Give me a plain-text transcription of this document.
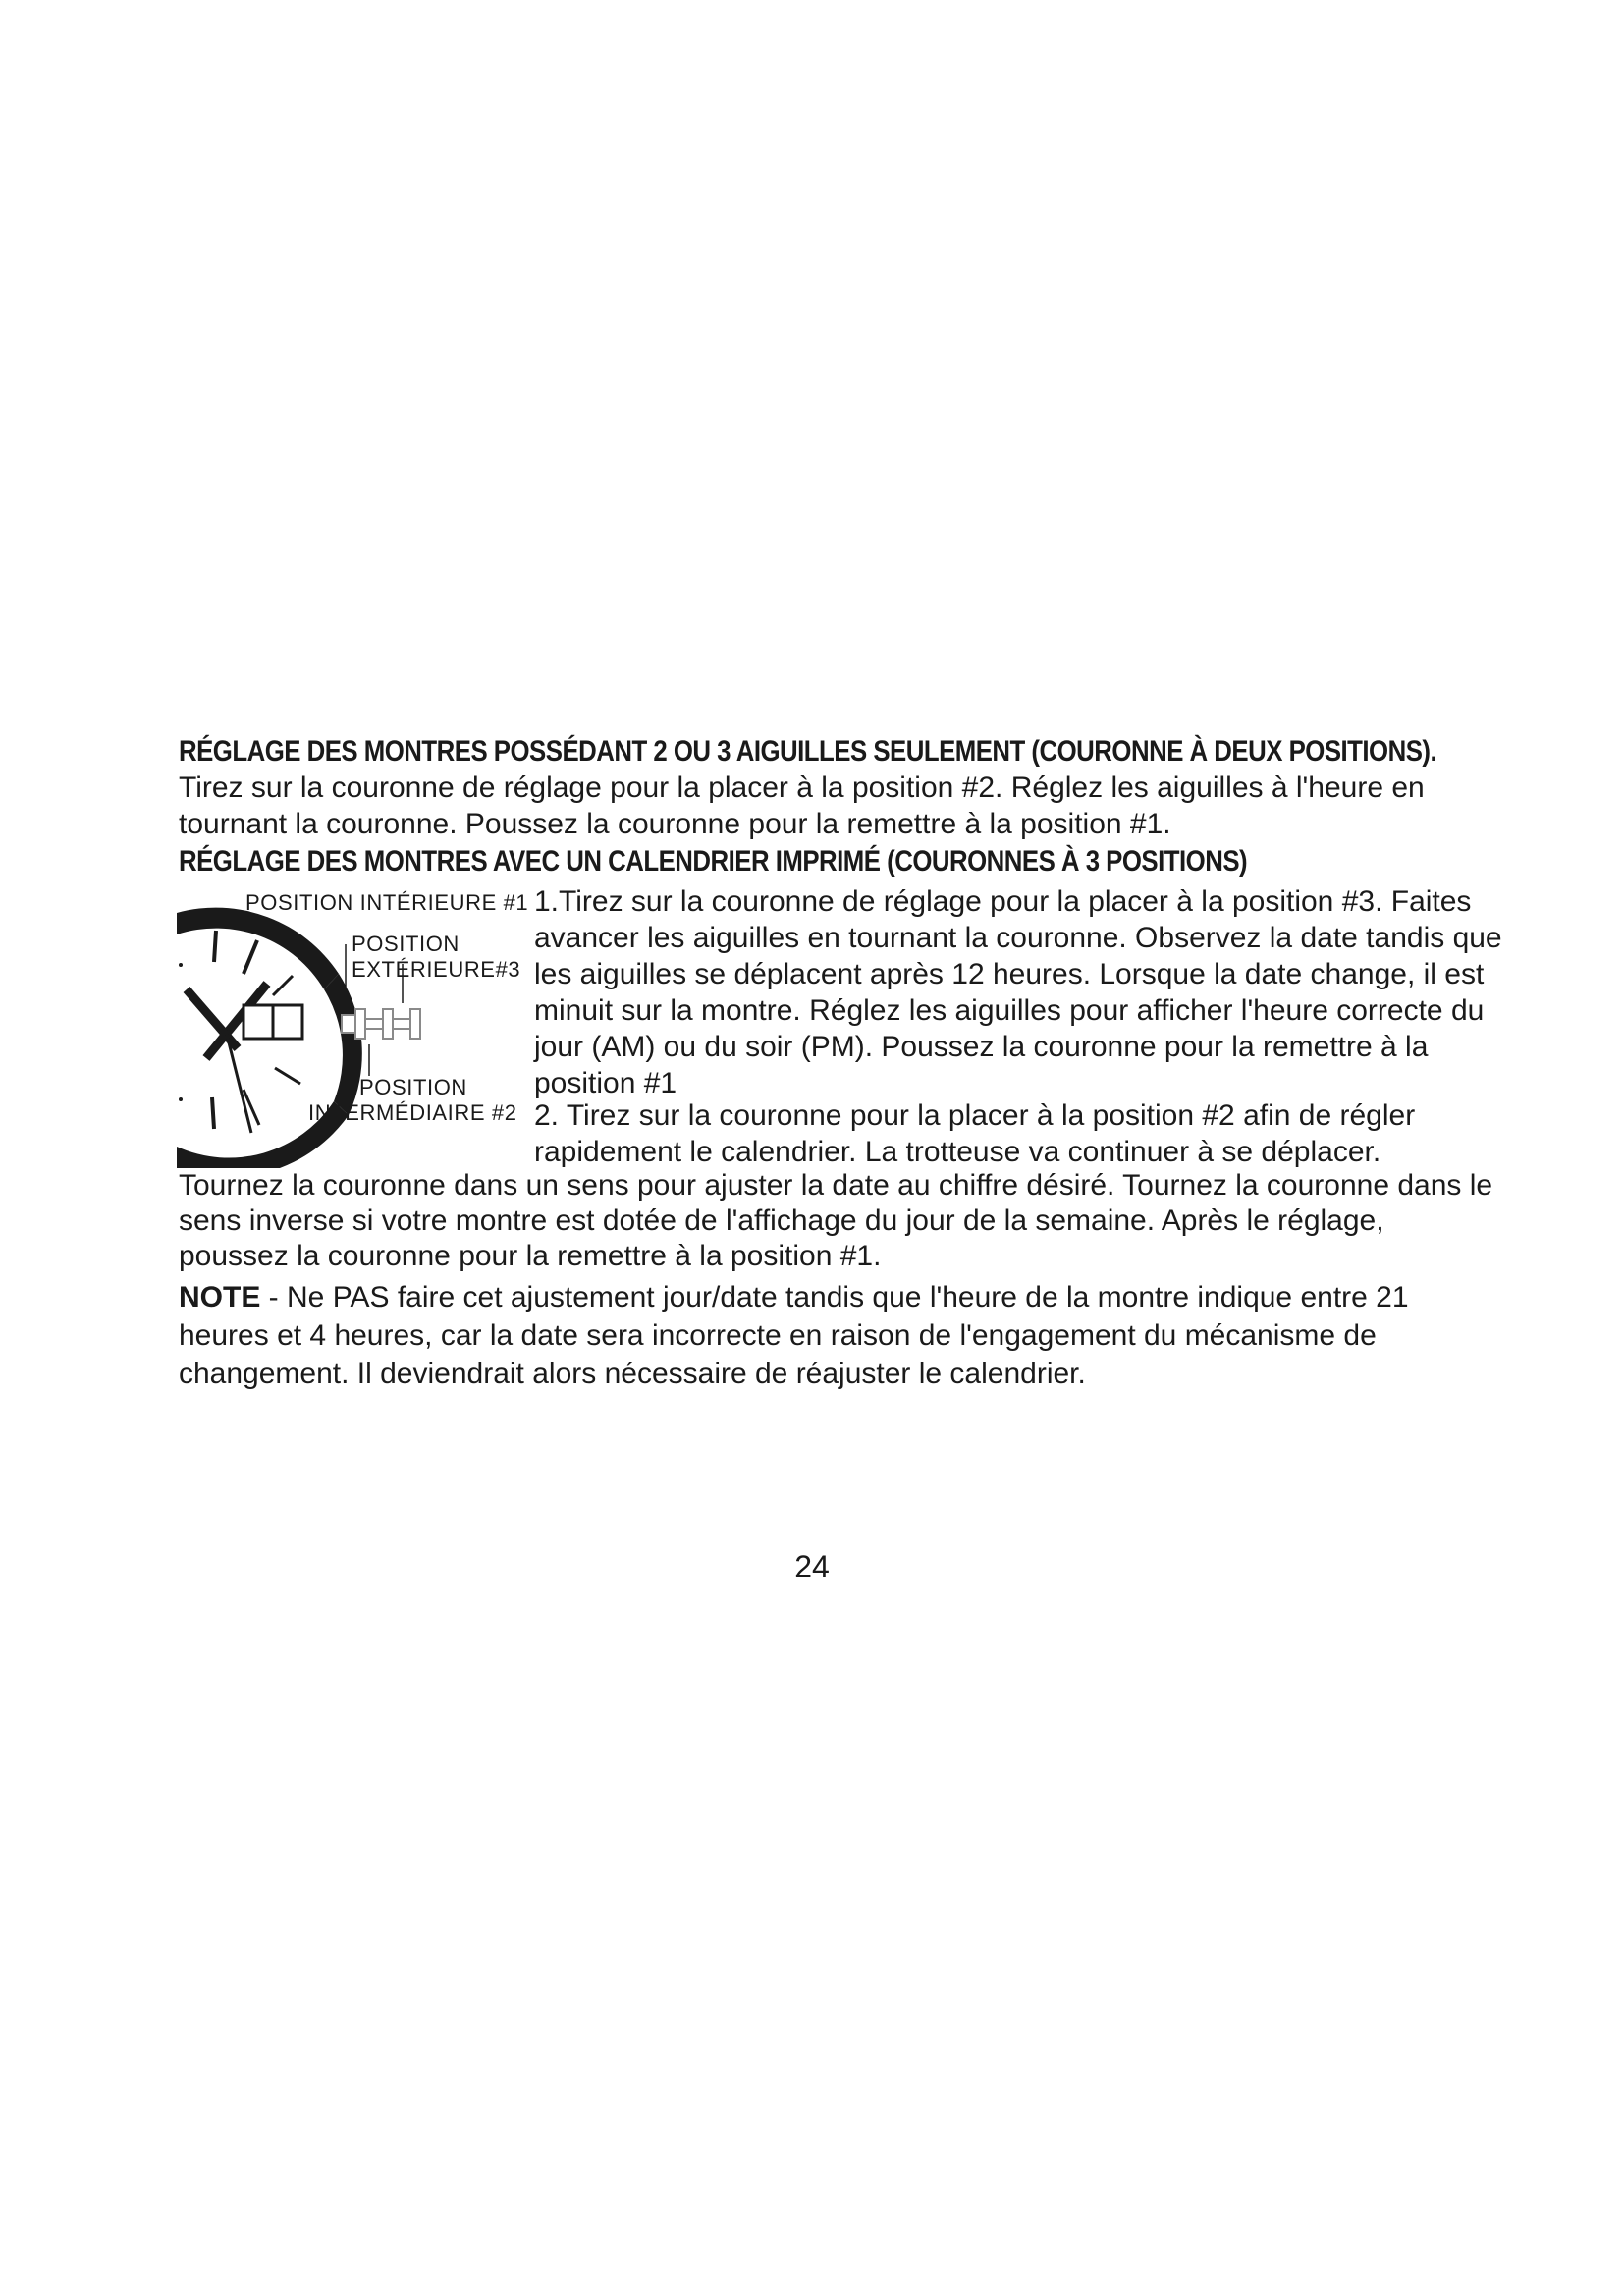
RÉGLAGE DES MONTRES POSSÉDANT 2 OU 3 AIGUILLES SEULEMENT (COURONNE À DEUX POSITIONS).

Tirez sur la couronne de réglage pour la placer à la position #2. Réglez les aiguilles à l'heure en tournant la couronne. Poussez la couronne pour la remettre à la position #1.

RÉGLAGE DES MONTRES AVEC UN CALENDRIER IMPRIMÉ (COURONNES À 3 POSITIONS)

POSITION INTÉRIEURE #1
POSITION
EXTÉRIEURE#3
POSITION
INTERMÉDIAIRE #2

1.Tirez sur la couronne de réglage pour la placer à la position #3. Faites avancer les aiguilles en tournant la couronne. Observez la date tandis que les aiguilles se déplacent après 12 heures. Lorsque la date change, il est minuit sur la montre. Réglez les aiguilles pour afficher l'heure correcte du jour (AM) ou du soir (PM). Poussez la couronne pour la remettre à la position #1

2. Tirez sur la couronne pour la placer à la position #2 afin de régler rapidement le calendrier. La trotteuse va continuer à se déplacer.

Tournez la couronne dans un sens pour ajuster la date au chiffre désiré. Tournez la couronne dans le sens inverse si votre montre est dotée de l'affichage du jour de la semaine. Après le réglage, poussez la couronne pour la remettre à la position #1.

NOTE - Ne PAS faire cet ajustement jour/date tandis que l'heure de la montre indique entre 21 heures et 4 heures, car la date sera incorrecte en raison de l'engagement du mécanisme de changement. Il deviendrait alors nécessaire de réajuster le calendrier.

24
